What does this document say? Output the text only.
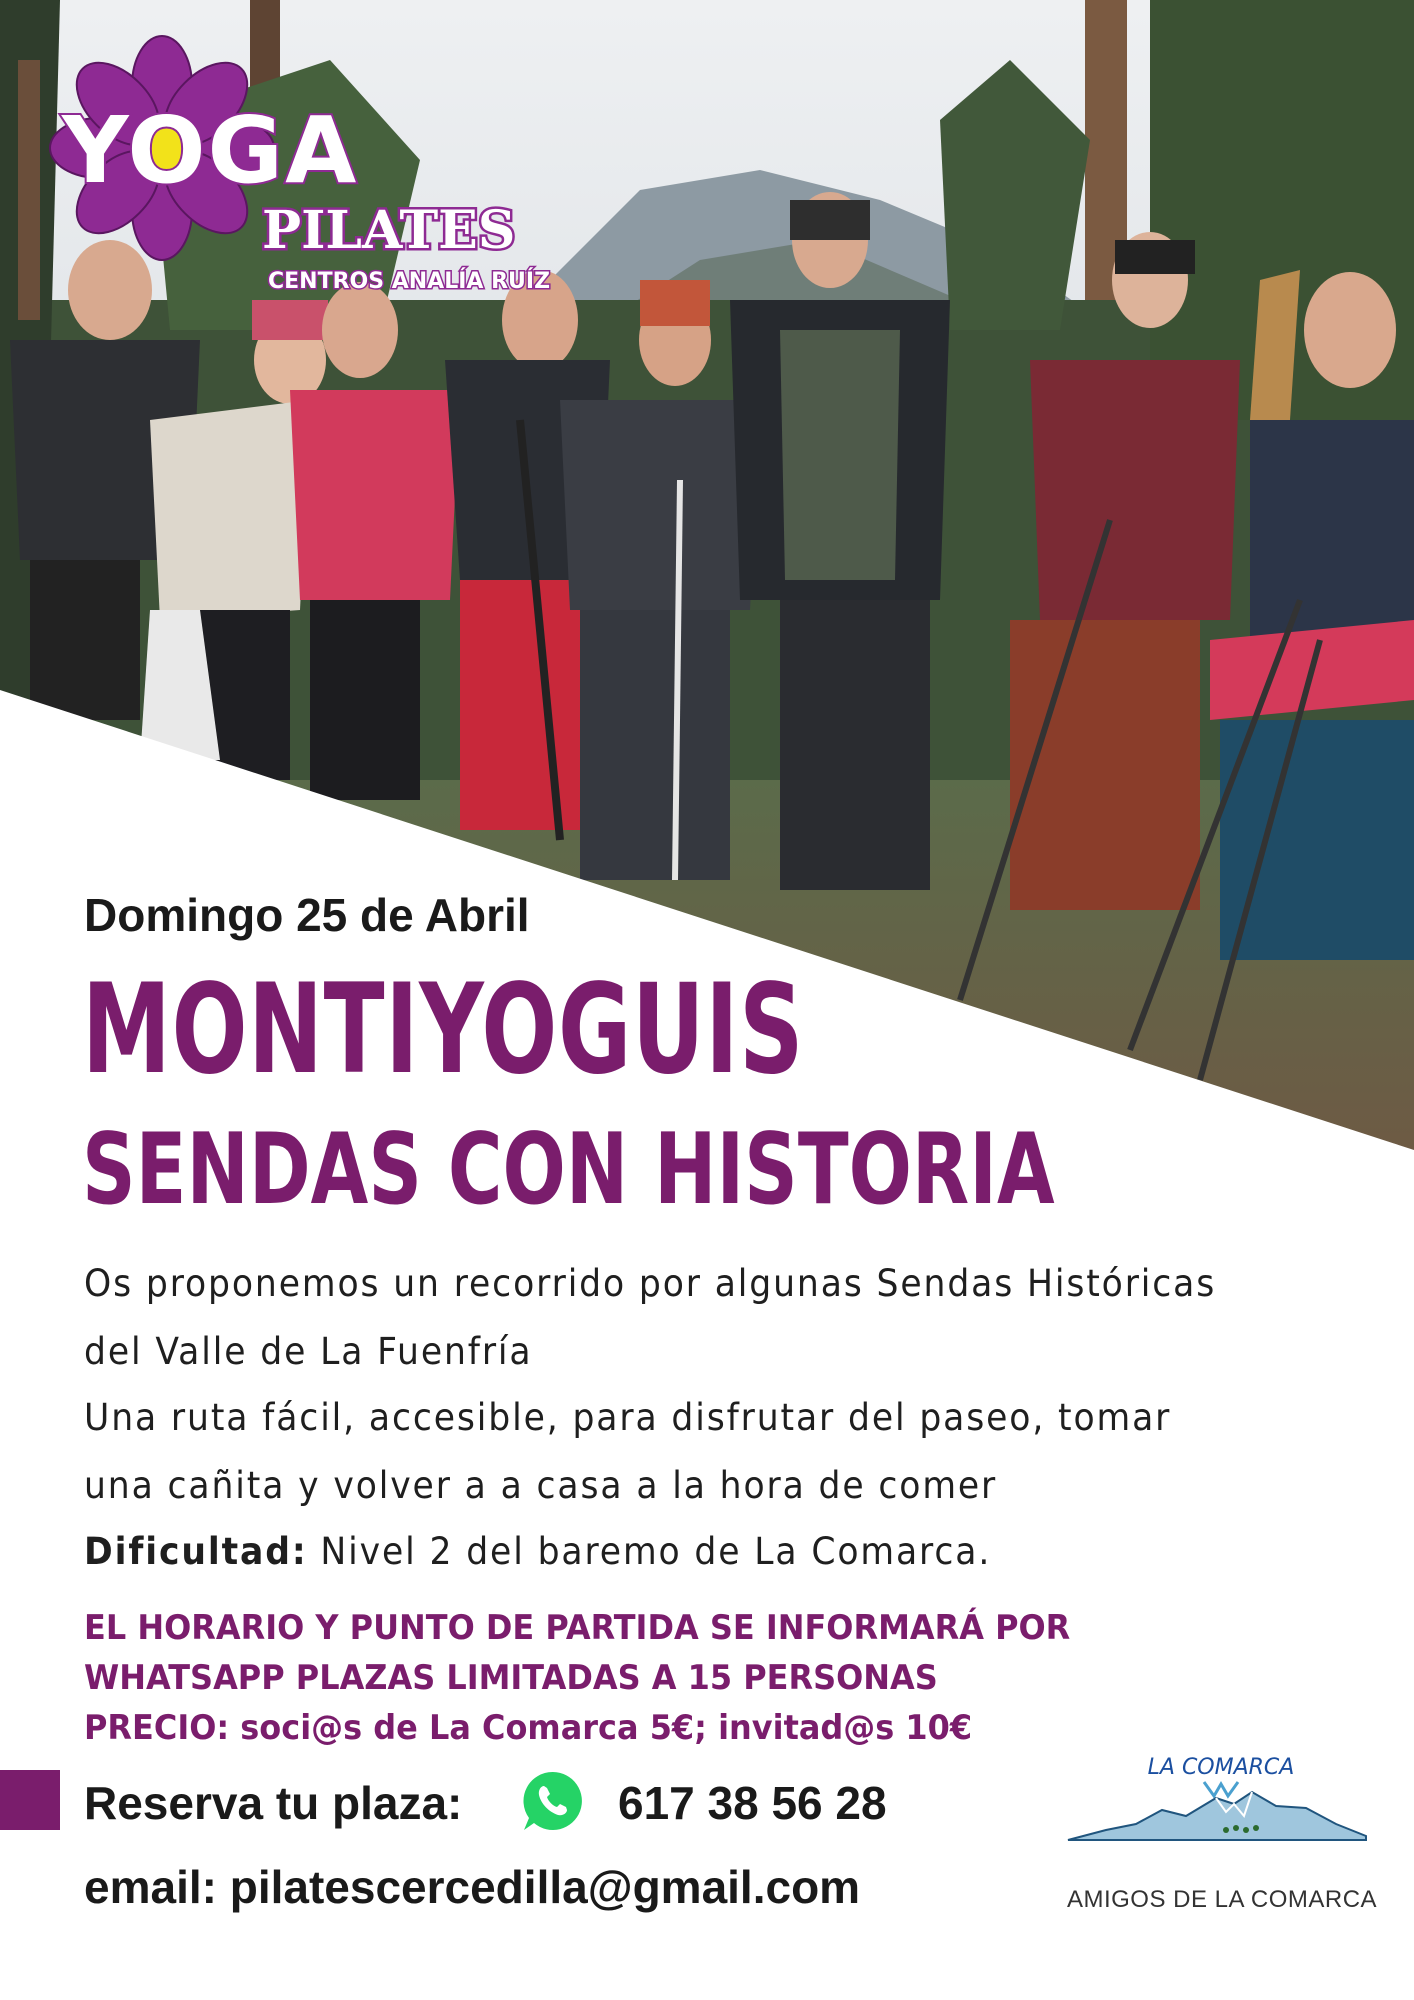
YOGA
PILATES
CENTROS ANALÍA RUÍZ
Domingo 25 de Abril
MONTIYOGUIS
SENDAS CON HISTORIA
Os proponemos un recorrido por algunas Sendas Históricas
del Valle de La Fuenfría
Una ruta fácil, accesible, para disfrutar del paseo, tomar
una cañita y volver a a casa a la hora de comer
Dificultad: Nivel 2 del baremo de La Comarca.
EL HORARIO Y PUNTO DE PARTIDA SE INFORMARÁ POR
WHATSAPP PLAZAS LIMITADAS A 15 PERSONAS
PRECIO: soci@s de La Comarca 5€; invitad@s 10€
Reserva tu plaza:	617 38 56 28
email: pilatescercedilla@gmail.com
LA COMARCA
AMIGOS DE LA COMARCA
